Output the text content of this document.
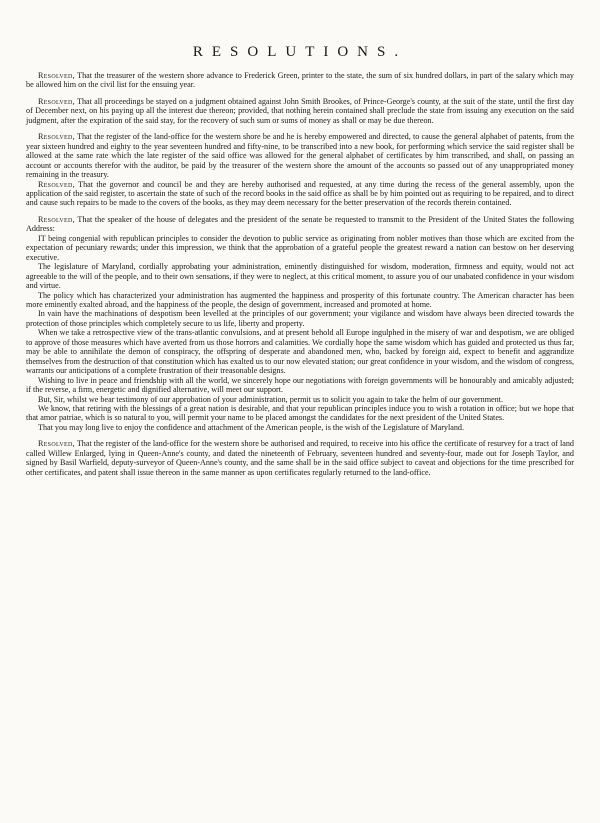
RESOLUTIONS.

Resolved, That the treasurer of the western shore advance to Frederick Green, printer to the state, the sum of six hundred dollars, in part of the salary which may be allowed him on the civil list for the ensuing year.

Resolved, That all proceedings be stayed on a judgment obtained against John Smith Brookes, of Prince-George's county, at the suit of the state, until the first day of December next, on his paying up all the interest due thereon; provided, that nothing herein contained shall preclude the state from issuing any execution on the said judgment, after the expiration of the said stay, for the recovery of such sum or sums of money as shall or may be due thereon.

Resolved, That the register of the land-office for the western shore be and he is hereby empowered and directed, to cause the general alphabet of patents, from the year sixteen hundred and eighty to the year seventeen hundred and fifty-nine, to be transcribed into a new book, for performing which service the said register shall be allowed at the same rate which the late register of the said office was allowed for the general alphabet of certificates by him transcribed, and shall, on passing an account or accounts therefor with the auditor, be paid by the treasurer of the western shore the amount of the accounts so passed out of any unappropriated money remaining in the treasury.

Resolved, That the governor and council be and they are hereby authorised and requested, at any time during the recess of the general assembly, upon the application of the said register, to ascertain the state of such of the record books in the said office as shall be by him pointed out as requiring to be repaired, and to direct and cause such repairs to be made to the covers of the books, as they may deem necessary for the better preservation of the records therein contained.

Resolved, That the speaker of the house of delegates and the president of the senate be requested to transmit to the President of the United States the following Address:

IT being congenial with republican principles to consider the devotion to public service as originating from nobler motives than those which are excited from the expectation of pecuniary rewards; under this impression, we think that the approbation of a grateful people the greatest reward a nation can bestow on her deserving executive.

The legislature of Maryland, cordially approbating your administration, eminently distinguished for wisdom, moderation, firmness and equity, would not act agreeable to the will of the people, and to their own sensations, if they were to neglect, at this critical moment, to assure you of our unabated confidence in your wisdom and virtue.

The policy which has characterized your administration has augmented the happiness and prosperity of this fortunate country. The American character has been more eminently exalted abroad, and the happiness of the people, the design of government, increased and promoted at home.

In vain have the machinations of despotism been levelled at the principles of our government; your vigilance and wisdom have always been directed towards the protection of those principles which completely secure to us life, liberty and property.

When we take a retrospective view of the trans-atlantic convulsions, and at present behold all Europe ingulphed in the misery of war and despotism, we are obliged to approve of those measures which have averted from us those horrors and calamities. We cordially hope the same wisdom which has guided and protected us thus far, may be able to annihilate the demon of conspiracy, the offspring of desperate and abandoned men, who, backed by foreign aid, expect to benefit and aggrandize themselves from the destruction of that constitution which has exalted us to our now elevated station; our great confidence in your wisdom, and the wisdom of congress, warrants our anticipations of a complete frustration of their treasonable designs.

Wishing to live in peace and friendship with all the world, we sincerely hope our negotiations with foreign governments will be honourably and amicably adjusted; if the reverse, a firm, energetic and dignified alternative, will meet our support.

But, Sir, whilst we bear testimony of our approbation of your administration, permit us to solicit you again to take the helm of our government.

We know, that retiring with the blessings of a great nation is desirable, and that your republican principles induce you to wish a rotation in office; but we hope that that amor patriae, which is so natural to you, will permit your name to be placed amongst the candidates for the next president of the United States.

That you may long live to enjoy the confidence and attachment of the American people, is the wish of the Legislature of Maryland.

Resolved, That the register of the land-office for the western shore be authorised and required, to receive into his office the certificate of resurvey for a tract of land called Willew Enlarged, lying in Queen-Anne's county, and dated the nineteenth of February, seventeen hundred and seventy-four, made out for Joseph Taylor, and signed by Basil Warfield, deputy-surveyor of Queen-Anne's county, and the same shall be in the said office subject to caveat and objections for the time prescribed for other certificates, and patent shall issue thereon in the same manner as upon certificates regularly returned to the land-office.
